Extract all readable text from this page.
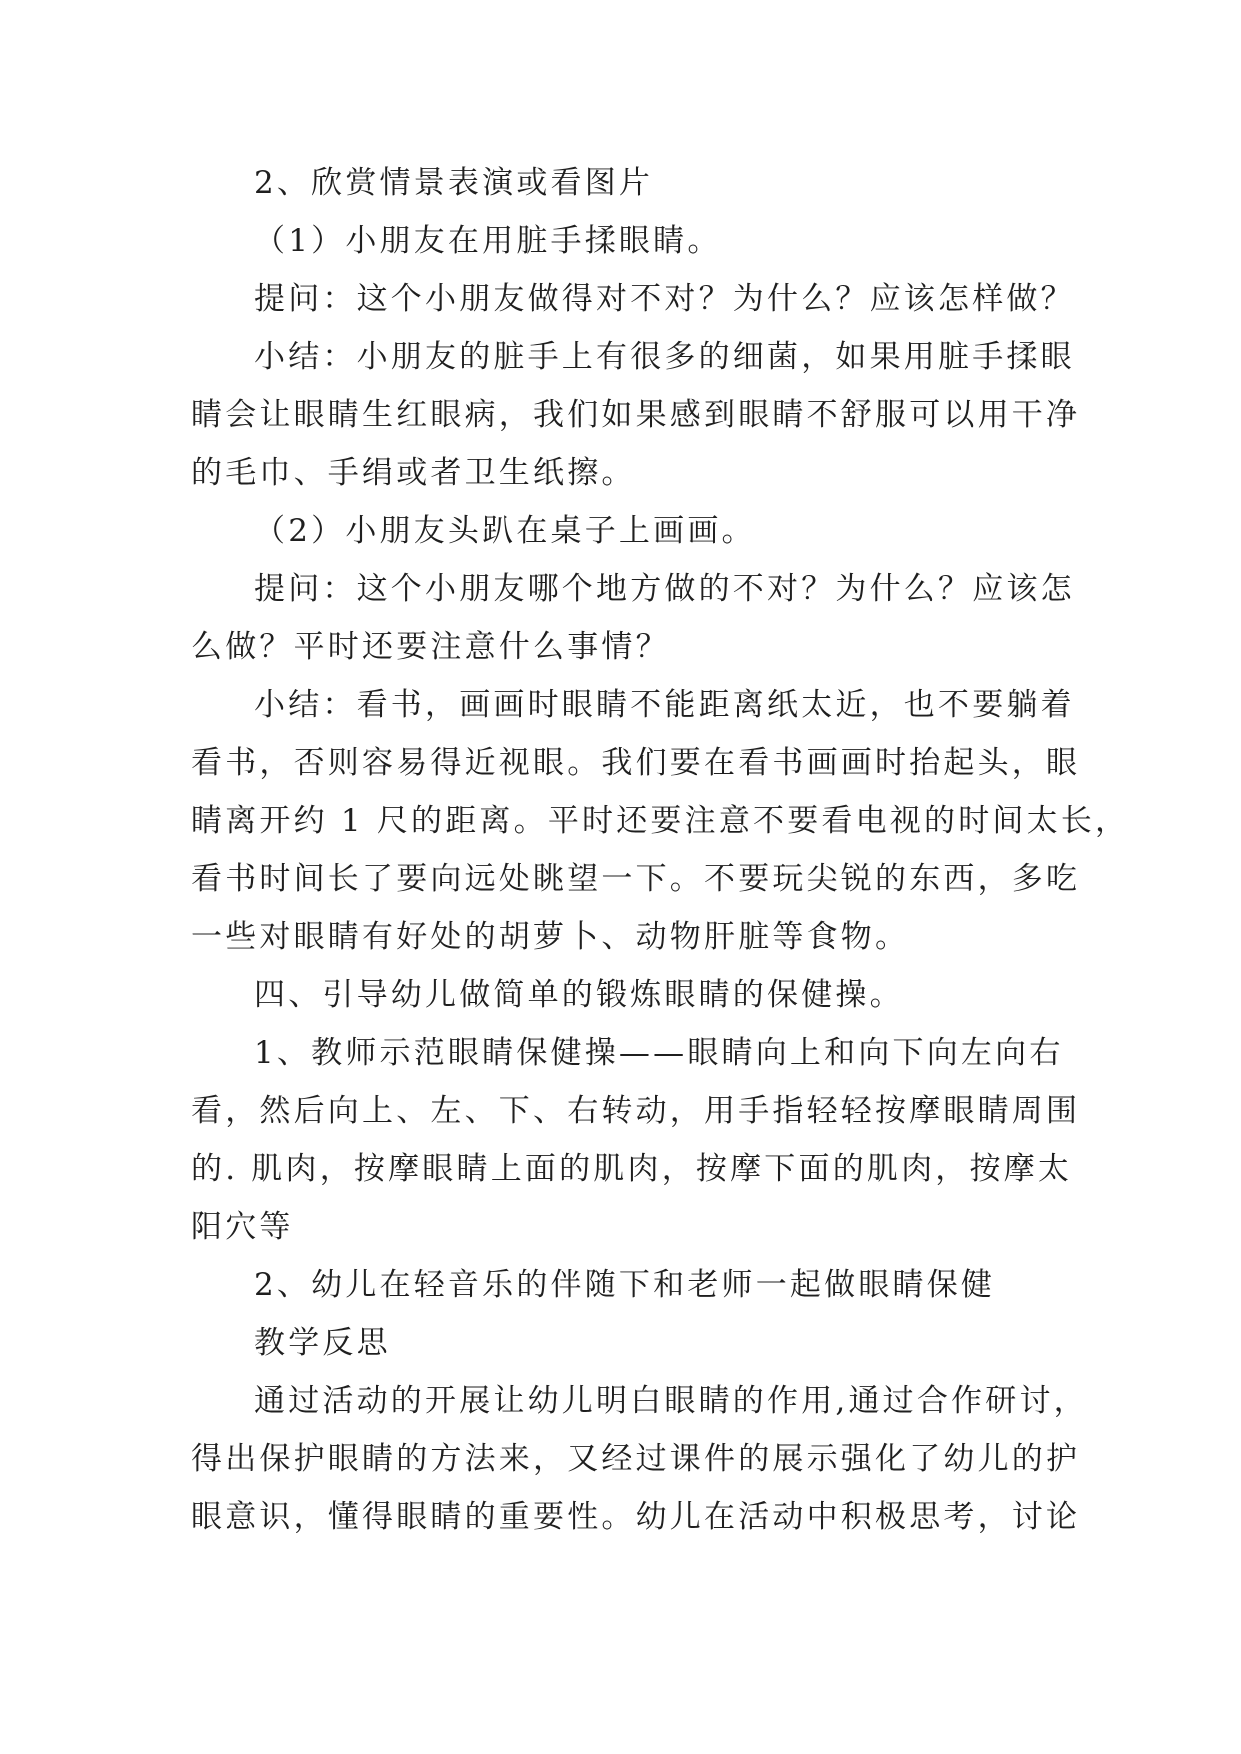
2、欣赏情景表演或看图片
（1）小朋友在用脏手揉眼睛。
提问：这个小朋友做得对不对？为什么？应该怎样做？
小结：小朋友的脏手上有很多的细菌，如果用脏手揉眼
睛会让眼睛生红眼病，我们如果感到眼睛不舒服可以用干净
的毛巾、手绢或者卫生纸擦。
（2）小朋友头趴在桌子上画画。
提问：这个小朋友哪个地方做的不对？为什么？应该怎
么做？平时还要注意什么事情？
小结：看书，画画时眼睛不能距离纸太近，也不要躺着
看书，否则容易得近视眼。我们要在看书画画时抬起头，眼
睛离开约 1 尺的距离。平时还要注意不要看电视的时间太长，
看书时间长了要向远处眺望一下。不要玩尖锐的东西，多吃
一些对眼睛有好处的胡萝卜、动物肝脏等食物。
四、引导幼儿做简单的锻炼眼睛的保健操。
1、教师示范眼睛保健操——眼睛向上和向下向左向右
看，然后向上、左、下、右转动，用手指轻轻按摩眼睛周围
的. 肌肉，按摩眼睛上面的肌肉，按摩下面的肌肉，按摩太
阳穴等
2、幼儿在轻音乐的伴随下和老师一起做眼睛保健
教学反思
通过活动的开展让幼儿明白眼睛的作用,通过合作研讨，
得出保护眼睛的方法来，又经过课件的展示强化了幼儿的护
眼意识，懂得眼睛的重要性。幼儿在活动中积极思考，讨论
